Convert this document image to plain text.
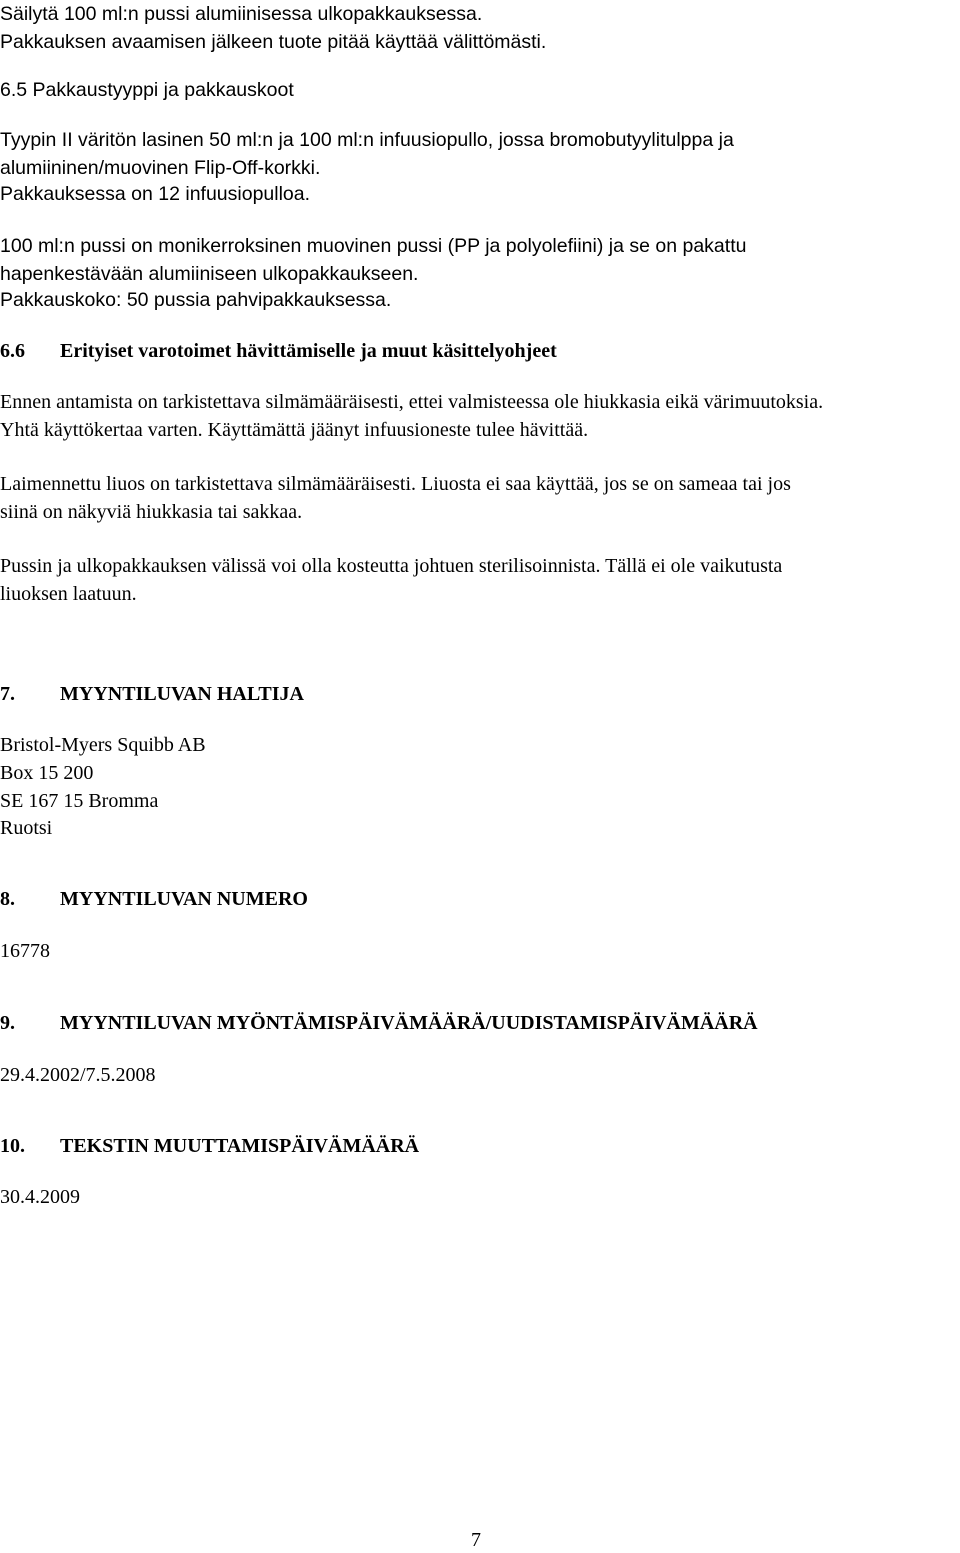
Säilytä 100 ml:n pussi alumiinisessa ulkopakkauksessa.

Pakkauksen avaamisen jälkeen tuote pitää käyttää välittömästi.

6.5 Pakkaustyyppi ja pakkauskoot

Tyypin II väritön lasinen 50 ml:n ja 100 ml:n infuusiopullo, jossa bromobutyylitulppa ja

alumiininen/muovinen Flip-Off-korkki.

Pakkauksessa on 12 infuusiopulloa.

100 ml:n pussi on monikerroksinen muovinen pussi (PP ja polyolefiini) ja se on pakattu

hapenkestävään alumiiniseen ulkopakkaukseen.

Pakkauskoko: 50 pussia pahvipakkauksessa.

6.6 Erityiset varotoimet hävittämiselle ja muut käsittelyohjeet

Ennen antamista on tarkistettava silmämääräisesti, ettei valmisteessa ole hiukkasia eikä värimuutoksia.

Yhtä käyttökertaa varten. Käyttämättä jäänyt infuusioneste tulee hävittää.

Laimennettu liuos on tarkistettava silmämääräisesti. Liuosta ei saa käyttää, jos se on sameaa tai jos

siinä on näkyviä hiukkasia tai sakkaa.

Pussin ja ulkopakkauksen välissä voi olla kosteutta johtuen sterilisoinnista. Tällä ei ole vaikutusta

liuoksen laatuun.

7. MYYNTILUVAN HALTIJA

Bristol-Myers Squibb AB

Box 15 200

SE 167 15 Bromma

Ruotsi

8. MYYNTILUVAN NUMERO

16778

9. MYYNTILUVAN MYÖNTÄMISPÄIVÄMÄÄRÄ/UUDISTAMISPÄIVÄMÄÄRÄ

29.4.2002/7.5.2008

10. TEKSTIN MUUTTAMISPÄIVÄMÄÄRÄ

30.4.2009

7
